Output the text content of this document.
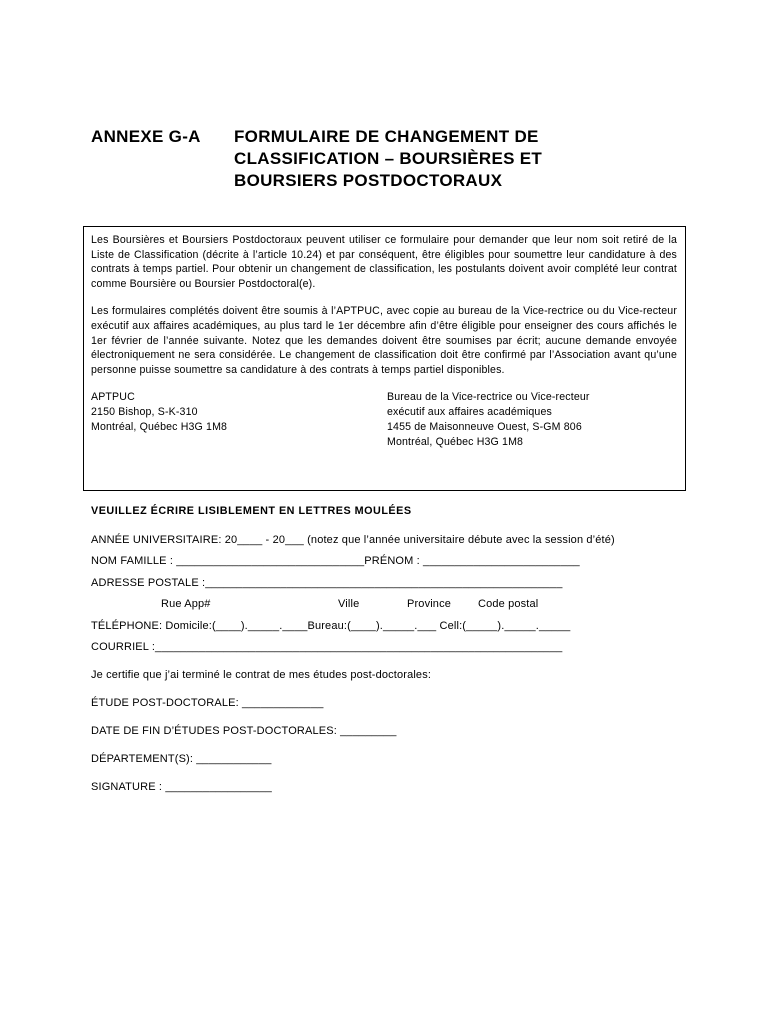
ANNEXE G-A FORMULAIRE DE CHANGEMENT DE
CLASSIFICATION – BOURSIÈRES ET
BOURSIERS POSTDOCTORAUX

Les Boursières et Boursiers Postdoctoraux peuvent utiliser ce formulaire pour demander que leur nom soit retiré de la Liste de Classification (décrite à l’article 10.24) et par conséquent, être éligibles pour soumettre leur candidature à des contrats à temps partiel. Pour obtenir un changement de classification, les postulants doivent avoir complété leur contrat comme Boursière ou Boursier Postdoctoral(e).

Les formulaires complétés doivent être soumis à l’APTPUC, avec copie au bureau de la Vice-rectrice ou du Vice-recteur exécutif aux affaires académiques, au plus tard le 1er décembre afin d’être éligible pour enseigner des cours affichés le 1er février de l’année suivante. Notez que les demandes doivent être soumises par écrit; aucune demande envoyée électroniquement ne sera considérée. Le changement de classification doit être confirmé par l’Association avant qu’une personne puisse soumettre sa candidature à des contrats à temps partiel disponibles.

APTPUC
2150 Bishop, S-K-310
Montréal, Québec H3G 1M8
Bureau de la Vice-rectrice ou Vice-recteur
exécutif aux affaires académiques
1455 de Maisonneuve Ouest, S-GM 806
Montréal, Québec H3G 1M8
VEUILLEZ ÉCRIRE LISIBLEMENT EN LETTRES MOULÉES
ANNÉE UNIVERSITAIRE: 20____ - 20___ (notez que l’année universitaire débute avec la session d’été)
NOM FAMILLE : ______________________________PRÉNOM : _________________________
ADRESSE POSTALE :_________________________________________________________
Rue App#	Ville	Province Code postal
TÉLÉPHONE: Domicile:(____)._____.____Bureau:(____)._____.___ Cell:(_____)._____._____
COURRIEL :_________________________________________________________________
Je certifie que j’ai terminé le contrat de mes études post-doctorales:
ÉTUDE POST-DOCTORALE: _____________
DATE DE FIN D’ÉTUDES POST-DOCTORALES: _________
DÉPARTEMENT(S): ____________
SIGNATURE : _________________
